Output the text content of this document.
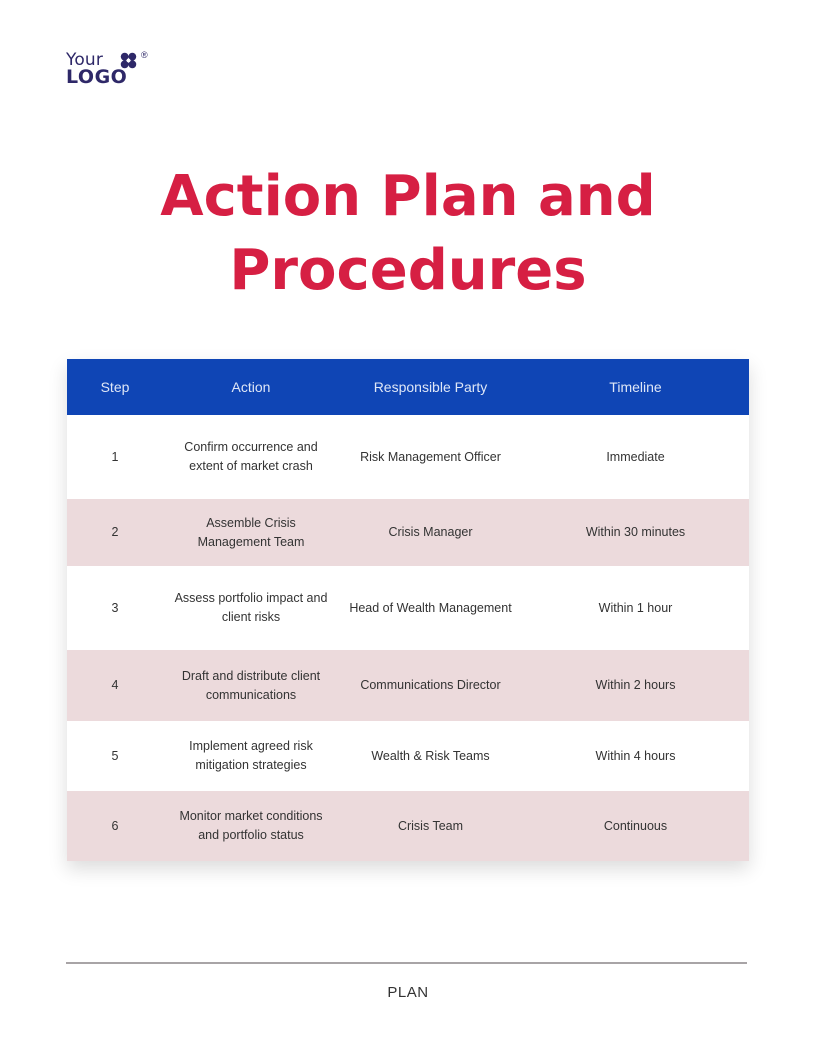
Your	®
LOGO
Action Plan and
Procedures
Step	Action	Responsible Party	Timeline
1	Confirm occurrence and extent of market crash	Risk Management Officer	Immediate
2	Assemble Crisis Management Team	Crisis Manager	Within 30 minutes
3	Assess portfolio impact and client risks	Head of Wealth Management	Within 1 hour
4	Draft and distribute client communications	Communications Director	Within 2 hours
5	Implement agreed risk mitigation strategies	Wealth & Risk Teams	Within 4 hours
6	Monitor market conditions and portfolio status	Crisis Team	Continuous
PLAN
